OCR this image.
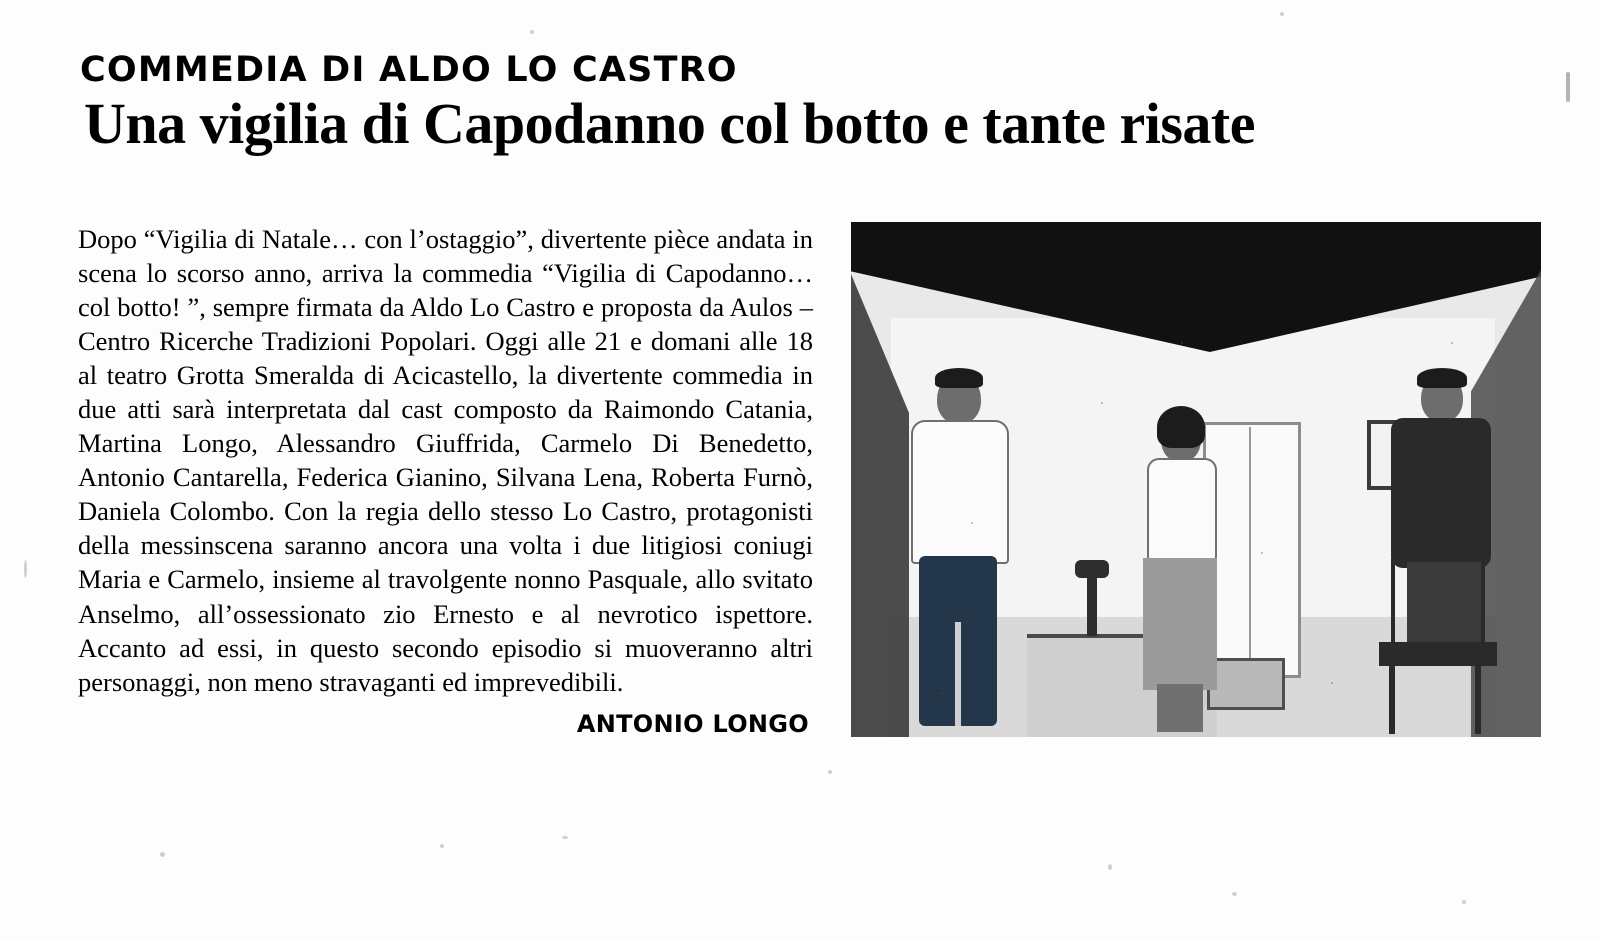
COMMEDIA DI ALDO LO CASTRO
Una vigilia di Capodanno col botto e tante risate

Dopo “Vigilia di Natale… con l’ostaggio”, divertente pièce andata in scena lo scorso anno, arriva la commedia “Vigilia di Capodanno… col botto! ”, sempre firmata da Aldo Lo Castro e proposta da Aulos – Centro Ricerche Tradizioni Popolari. Oggi alle 21 e domani alle 18 al teatro Grotta Smeralda di Acicastello, la divertente commedia in due atti sarà interpretata dal cast composto da Raimondo Catania, Martina Longo, Alessandro Giuffrida, Carmelo Di Benedetto, Antonio Cantarella, Federica Gianino, Silvana Lena, Roberta Furnò, Daniela Colombo. Con la regia dello stesso Lo Castro, protagonisti della messinscena saranno ancora una volta i due litigiosi coniugi Maria e Carmelo, insieme al travolgente nonno Pasquale, allo svitato Anselmo, all’ossessionato zio Ernesto e al nevrotico ispettore. Accanto ad essi, in questo secondo episodio si muoveranno altri personaggi, non meno stravaganti ed imprevedibili.

ANTONIO LONGO
